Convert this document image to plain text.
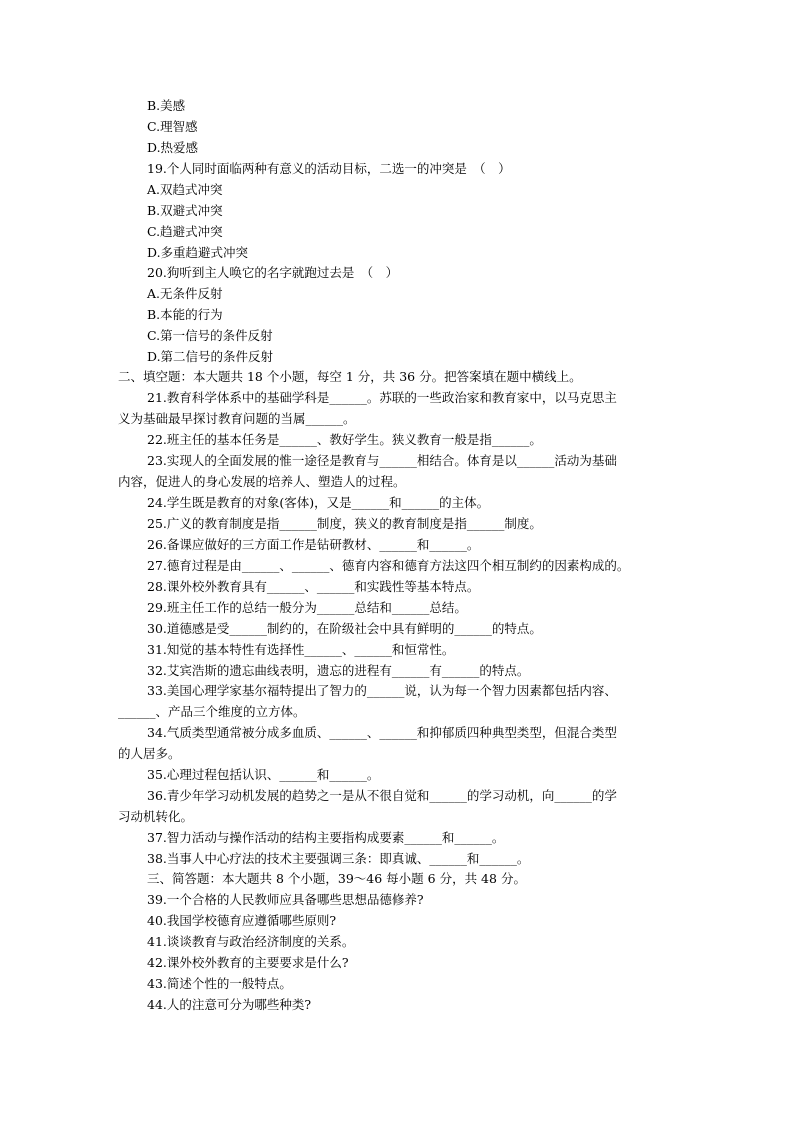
B.美感
C.理智感
D.热爱感
19.个人同时面临两种有意义的活动目标，二选一的冲突是　（　）
A.双趋式冲突
B.双避式冲突
C.趋避式冲突
D.多重趋避式冲突
20.狗听到主人唤它的名字就跑过去是　（　）
A.无条件反射
B.本能的行为
C.第一信号的条件反射
D.第二信号的条件反射
二、填空题：本大题共 18 个小题，每空 1 分，共 36 分。把答案填在题中横线上。
21.教育科学体系中的基础学科是______。苏联的一些政治家和教育家中，以马克思主
义为基础最早探讨教育问题的当属______。
22.班主任的基本任务是______、教好学生。狭义教育一般是指______。
23.实现人的全面发展的惟一途径是教育与______相结合。体育是以______活动为基础
内容，促进人的身心发展的培养人、塑造人的过程。
24.学生既是教育的对象(客体)，又是______和______的主体。
25.广义的教育制度是指______制度，狭义的教育制度是指______制度。
26.备课应做好的三方面工作是钻研教材、______和______。
27.德育过程是由______、______、德育内容和德育方法这四个相互制约的因素构成的。
28.课外校外教育具有______、______和实践性等基本特点。
29.班主任工作的总结一般分为______总结和______总结。
30.道德感是受______制约的，在阶级社会中具有鲜明的______的特点。
31.知觉的基本特性有选择性______、______和恒常性。
32.艾宾浩斯的遗忘曲线表明，遗忘的进程有______有______的特点。
33.美国心理学家基尔福特提出了智力的______说，认为每一个智力因素都包括内容、
______、产品三个维度的立方体。
34.气质类型通常被分成多血质、______、______和抑郁质四种典型类型，但混合类型
的人居多。
35.心理过程包括认识、______和______。
36.青少年学习动机发展的趋势之一是从不很自觉和______的学习动机，向______的学
习动机转化。
37.智力活动与操作活动的结构主要指构成要素______和______。
38.当事人中心疗法的技术主要强调三条：即真诚、______和______。
三、简答题：本大题共 8 个小题，39～46 每小题 6 分，共 48 分。
39.一个合格的人民教师应具备哪些思想品德修养?
40.我国学校德育应遵循哪些原则?
41.谈谈教育与政治经济制度的关系。
42.课外校外教育的主要要求是什么?
43.简述个性的一般特点。
44.人的注意可分为哪些种类?
